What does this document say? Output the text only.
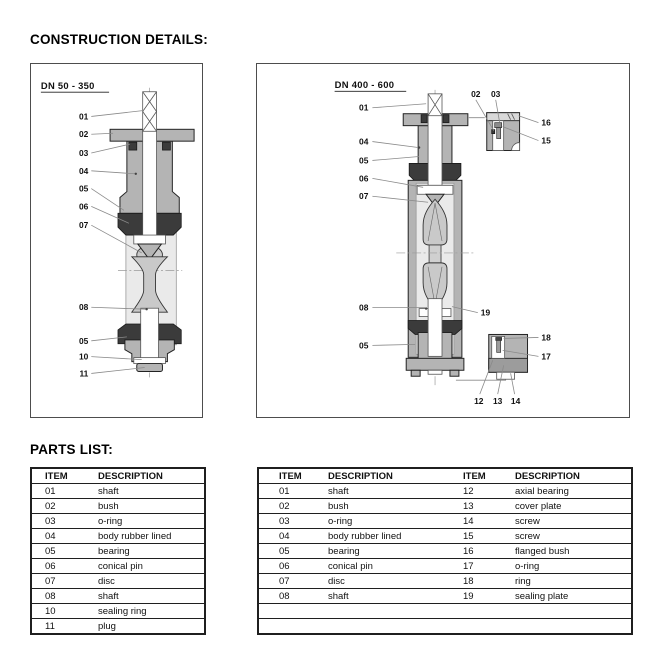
CONSTRUCTION DETAILS:
DN 50 - 350
01
02
03
04
05
06
07
08
05
10
11
DN 400 - 600
01
02 03
16
15
04
05
06
07
08	19
05
18
17
12 13 14
PARTS LIST:
ITEM	DESCRIPTION
01	shaft
02	bush
03	o-ring
04	body rubber lined
05	bearing
06	conical pin
07	disc
08	shaft
10	sealing ring
11	plug
ITEM	DESCRIPTION	ITEM	DESCRIPTION
01	shaft	12	axial bearing
02	bush	13	cover plate
03	o-ring	14	screw
04	body rubber lined	15	screw
05	bearing	16	flanged bush
06	conical pin	17	o-ring
07	disc	18	ring
08	shaft	19	sealing plate
